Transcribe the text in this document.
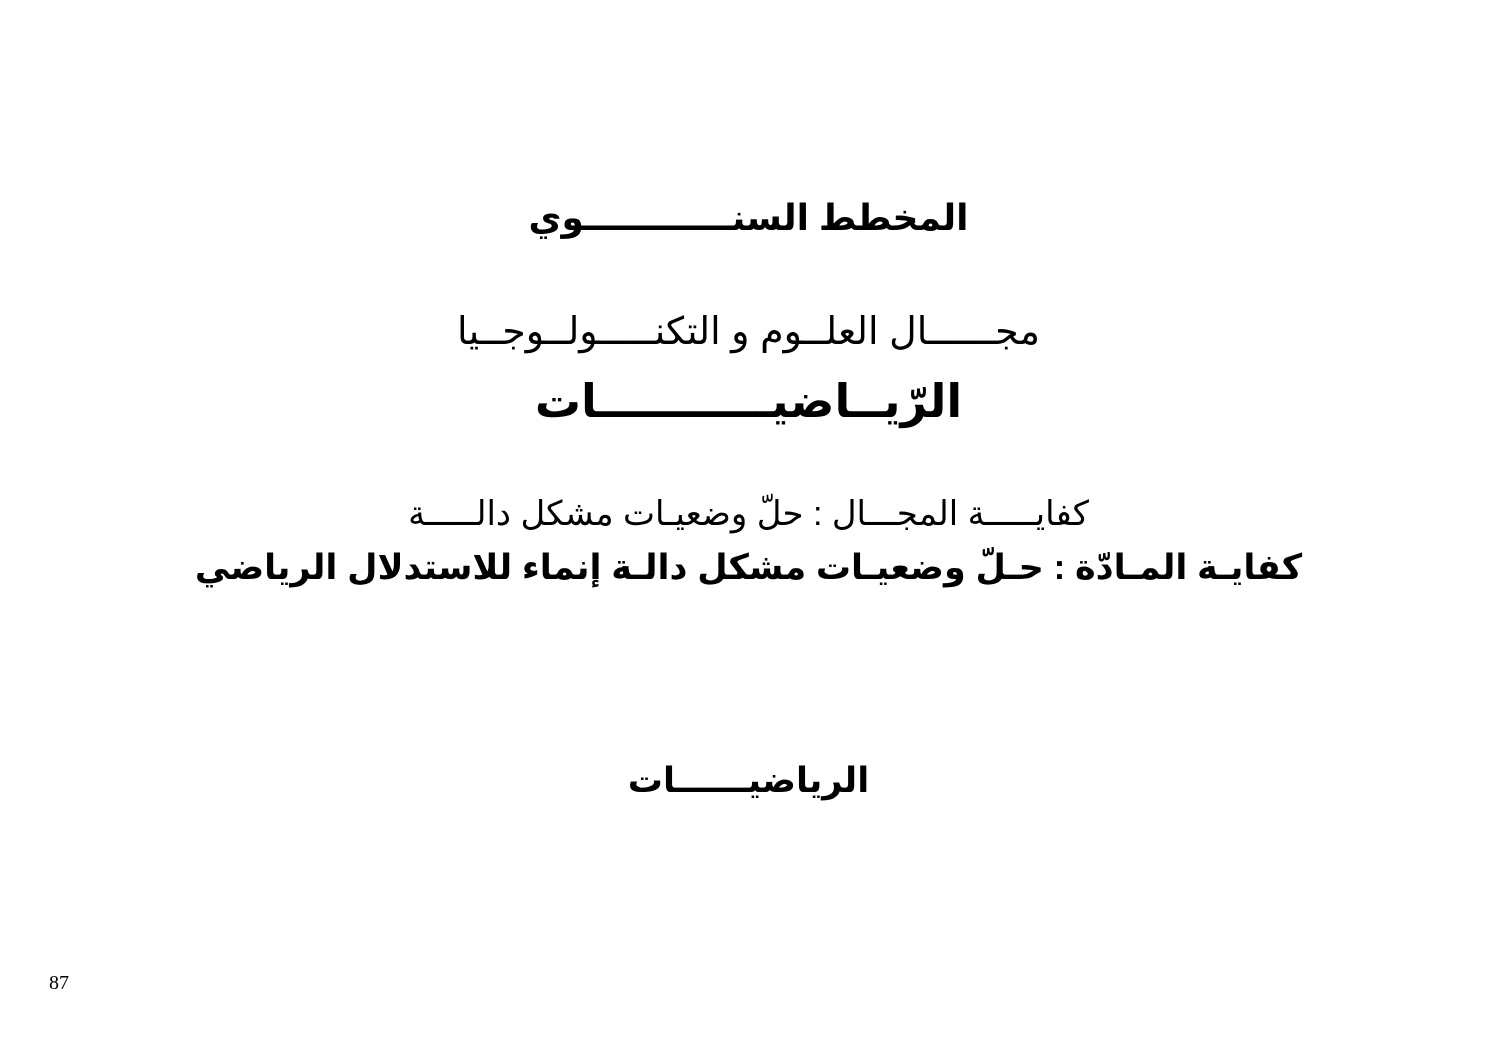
المخطط السنــــــــــــوي
مجــــــال العلــوم و التكنـــــولــوجــيا
الرّيــاضيـــــــــــات
كفايـــــة المجـــال : حلّ وضعيـات مشكل دالـــــة
كفايـة المـادّة : حـلّ وضعيـات مشكل دالـة إنماء للاستدلال الرياضي
الرياضيــــــات
87
